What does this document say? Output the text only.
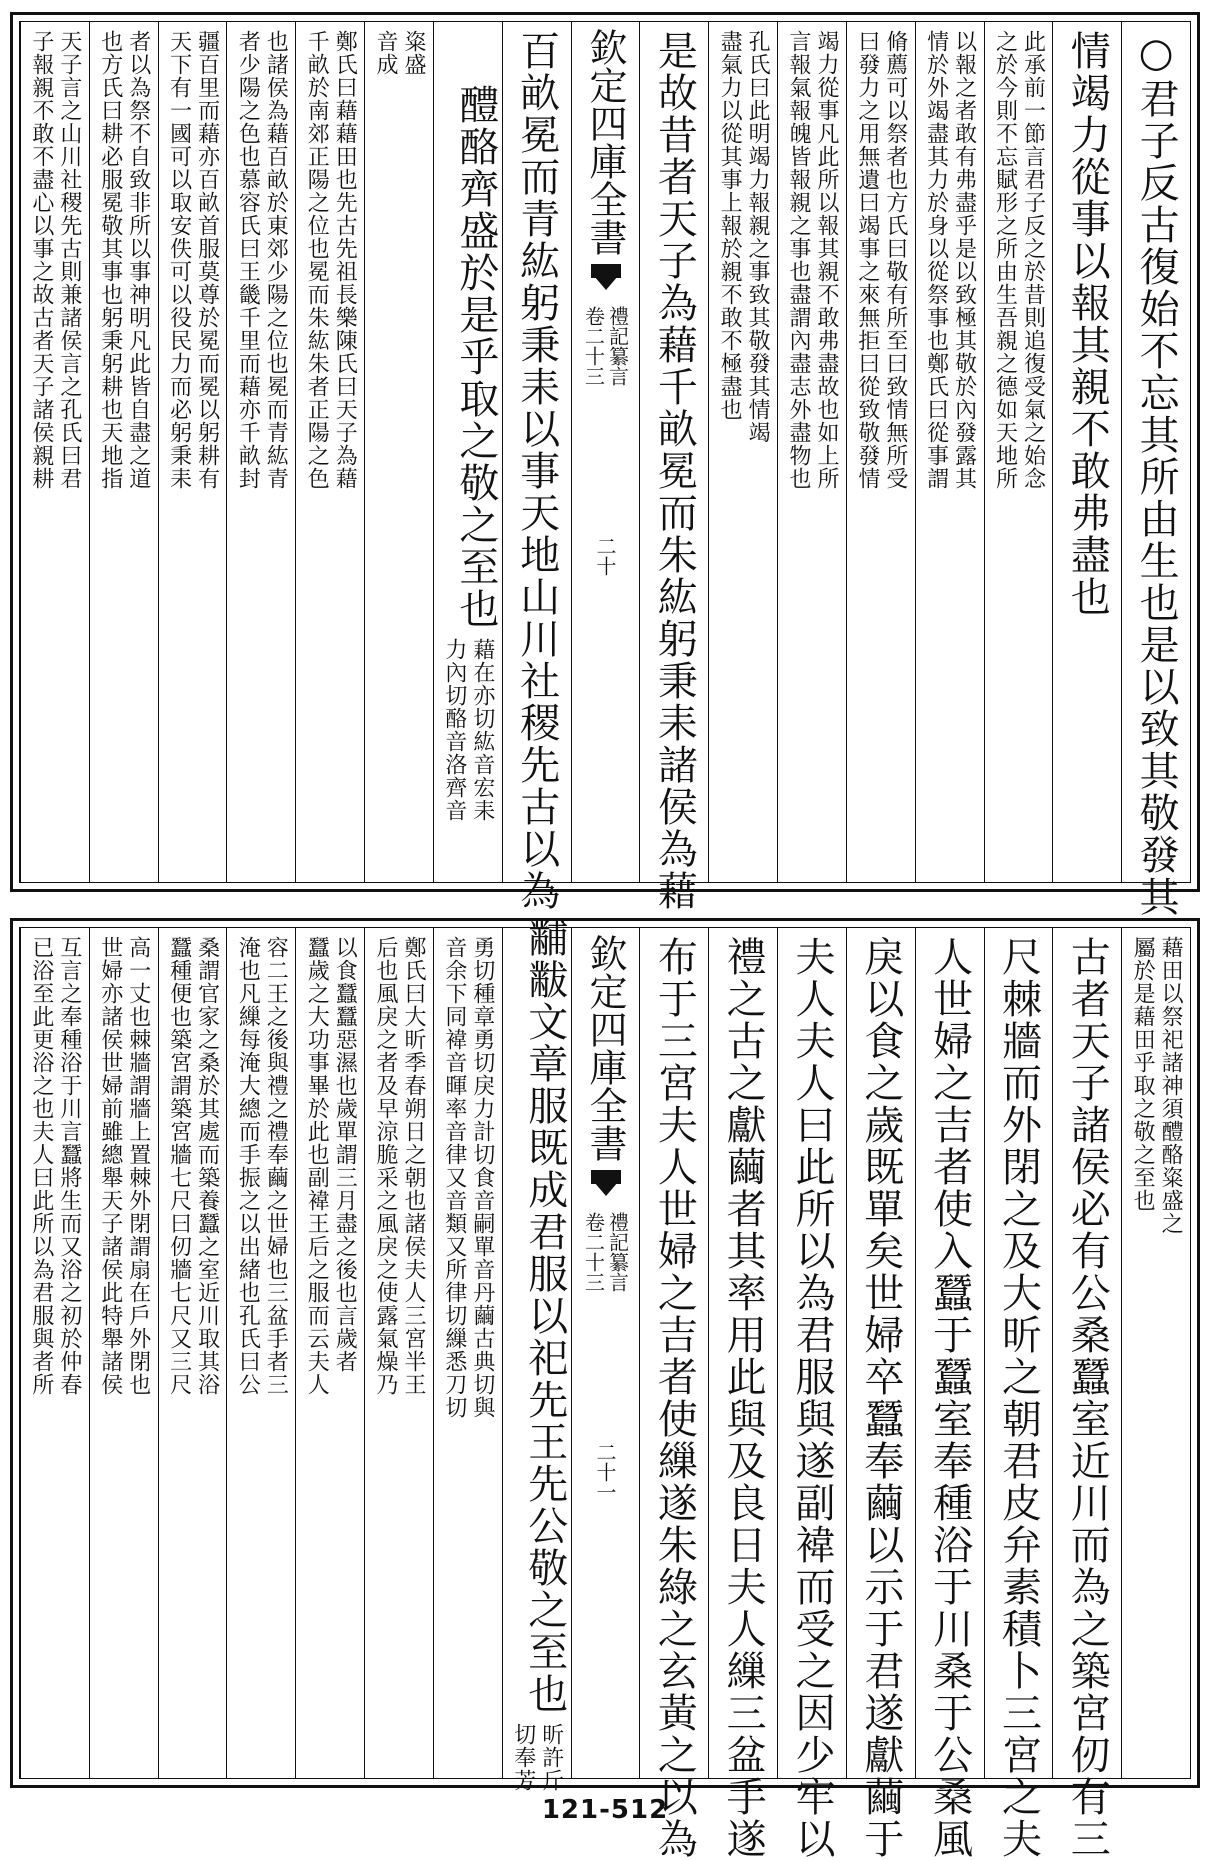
○君子反古復始不忘其所由生也是以致其敬發其
情竭力從事以報其親不敢弗盡也
此承前一節言君子反之於昔則追復受氣之始念
之於今則不忘賦形之所由生吾親之德如天地所
以報之者敢有弗盡乎是以致極其敬於內發露其
情於外竭盡其力於身以從祭事也鄭氏曰從事謂
脩薦可以祭者也方氏曰敬有所至曰致情無所受
曰發力之用無遺曰竭事之來無拒曰從致敬發情
竭力從事凡此所以報其親不敢弗盡故也如上所
言報氣報魄皆報親之事也盡謂內盡志外盡物也
孔氏曰此明竭力報親之事致其敬發其情竭
盡氣力以從其事上報於親不敢不極盡也
是故昔者天子為藉千畝冕而朱紘躬秉耒諸侯為藉
欽定四庫全書
禮記纂言
卷二十三
二十
百畝冕而青紘躬秉耒以事天地山川社稷先古以為
醴酪齊盛於是乎取之敬之至也
藉在亦切紘音宏耒
力內切酪音洛齊音
粢盛
音成
鄭氏曰藉藉田也先古先祖長樂陳氏曰天子為藉
千畝於南郊正陽之位也冕而朱紘朱者正陽之色
也諸侯為藉百畝於東郊少陽之位也冕而青紘青
者少陽之色也慕容氏曰王畿千里而藉亦千畝封
疆百里而藉亦百畝首服莫尊於冕而冕以躬耕有
天下有一國可以取安佚可以役民力而必躬秉耒
者以為祭不自致非所以事神明凡此皆自盡之道
也方氏曰耕必服冕敬其事也躬秉躬耕也天地指
天子言之山川社稷先古則兼諸侯言之孔氏曰君
子報親不敢不盡心以事之故古者天子諸侯親耕
藉田以祭祀諸神須醴酪粢盛之
屬於是藉田乎取之敬之至也
古者天子諸侯必有公桑蠶室近川而為之築宮仞有三
尺棘牆而外閉之及大昕之朝君皮弁素積卜三宮之夫
人世婦之吉者使入蠶于蠶室奉種浴于川桑于公桑風
戾以食之歲既單矣世婦卒蠶奉繭以示于君遂獻繭于
夫人夫人曰此所以為君服與遂副褘而受之因少牢以
禮之古之獻繭者其率用此與及良日夫人繅三盆手遂
布于三宮夫人世婦之吉者使繅遂朱綠之玄黃之以為
欽定四庫全書
禮記纂言
卷二十三
二十一
黼黻文章服既成君服以祀先王先公敬之至也
昕許斤
切奉芳
勇切種章勇切戾力計切食音嗣單音丹繭古典切與
音余下同褘音暉率音律又音類又所律切繅悉刀切
鄭氏曰大昕季春朔日之朝也諸侯夫人三宮半王
后也風戾之者及早涼脆采之風戾之使露氣燥乃
以食蠶蠶惡濕也歲單謂三月盡之後也言歲者
蠶歲之大功事畢於此也副褘王后之服而云夫人
容二王之後與禮之禮奉繭之世婦也三盆手者三
淹也凡繅每淹大總而手振之以出緒也孔氏曰公
桑謂官家之桑於其處而築養蠶之室近川取其浴
蠶種便也築宮謂築宮牆七尺曰仞牆七尺又三尺
高一丈也棘牆謂牆上置棘外閉謂扇在戶外閉也
世婦亦諸侯世婦前雖總舉天子諸侯此特舉諸侯
互言之奉種浴于川言蠶將生而又浴之初於仲春
已浴至此更浴之也夫人曰此所以為君服與者所
121-512
